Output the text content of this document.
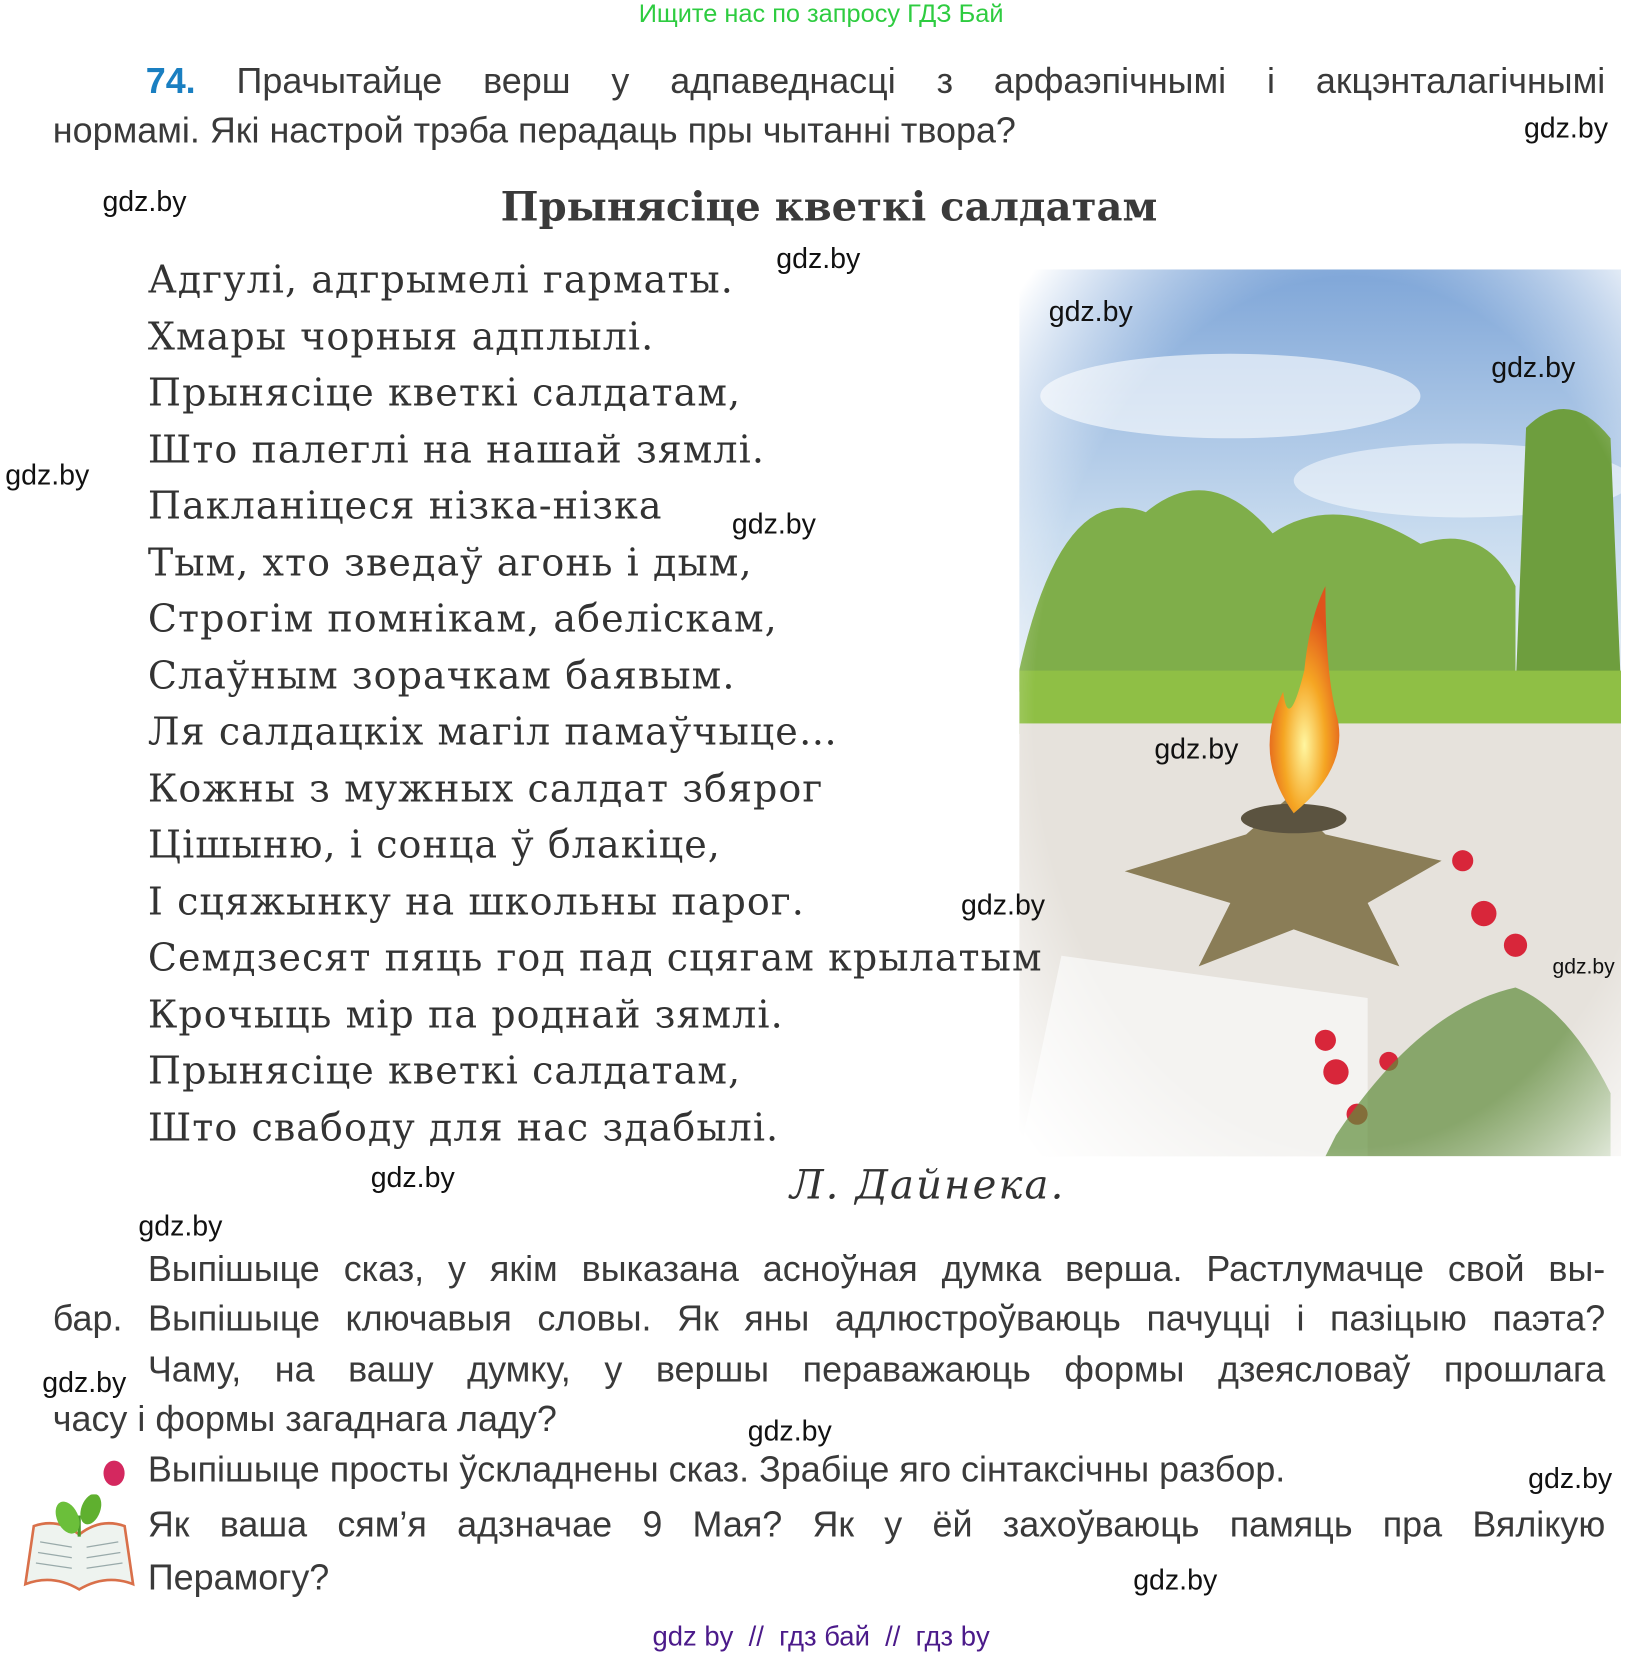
Ищите нас по запросу ГДЗ Бай
74. Прачытайце верш у адпаведнасці з арфаэпічнымі і акцэнталагічнымі
нормамі. Які настрой трэба перадаць пры чытанні твора?
Прынясіце кветкі салдатам
Адгулі, адгрымелі гарматы.
Хмары чорныя адплылі.
Прынясіце кветкі салдатам,
Што палеглі на нашай зямлі.
Пакланіцеся нізка-нізка
Тым, хто зведаў агонь і дым,
Строгім помнікам, абеліскам,
Слаўным зорачкам баявым.
Ля салдацкіх магіл памаўчыце…
Кожны з мужных салдат збярог
Цішыню, і сонца ў блакіце,
І сцяжынку на школьны парог.
Семдзесят пяць год пад сцягам крылатым
Крочыць мір па роднай зямлі.
Прынясіце кветкі салдатам,
Што свабоду для нас здабылі.
Л. Дайнека.
Выпішыце сказ, у якім выказана асноўная думка верша. Растлумачце свой вы-
бар. Выпішыце ключавыя словы. Як яны адлюстроўваюць пачуцці і пазіцыю паэта?
Чаму, на вашу думку, у вершы пераважаюць формы дзеясловаў прошлага
часу і формы загаднага ладу?
Выпішыце просты ўскладнены сказ. Зрабіце яго сінтаксічны разбор.
Як ваша сям’я адзначае 9 Мая? Як у ёй захоўваюць памяць пра Вялікую
Перамогу?
gdz by  //  гдз бай  //  гдз by
gdz.by
gdz.by
gdz.by
gdz.by
gdz.by
gdz.by
gdz.by
gdz.by
gdz.by
gdz.by
gdz.by
gdz.by
gdz.by
gdz.by
gdz.by
gdz.by
